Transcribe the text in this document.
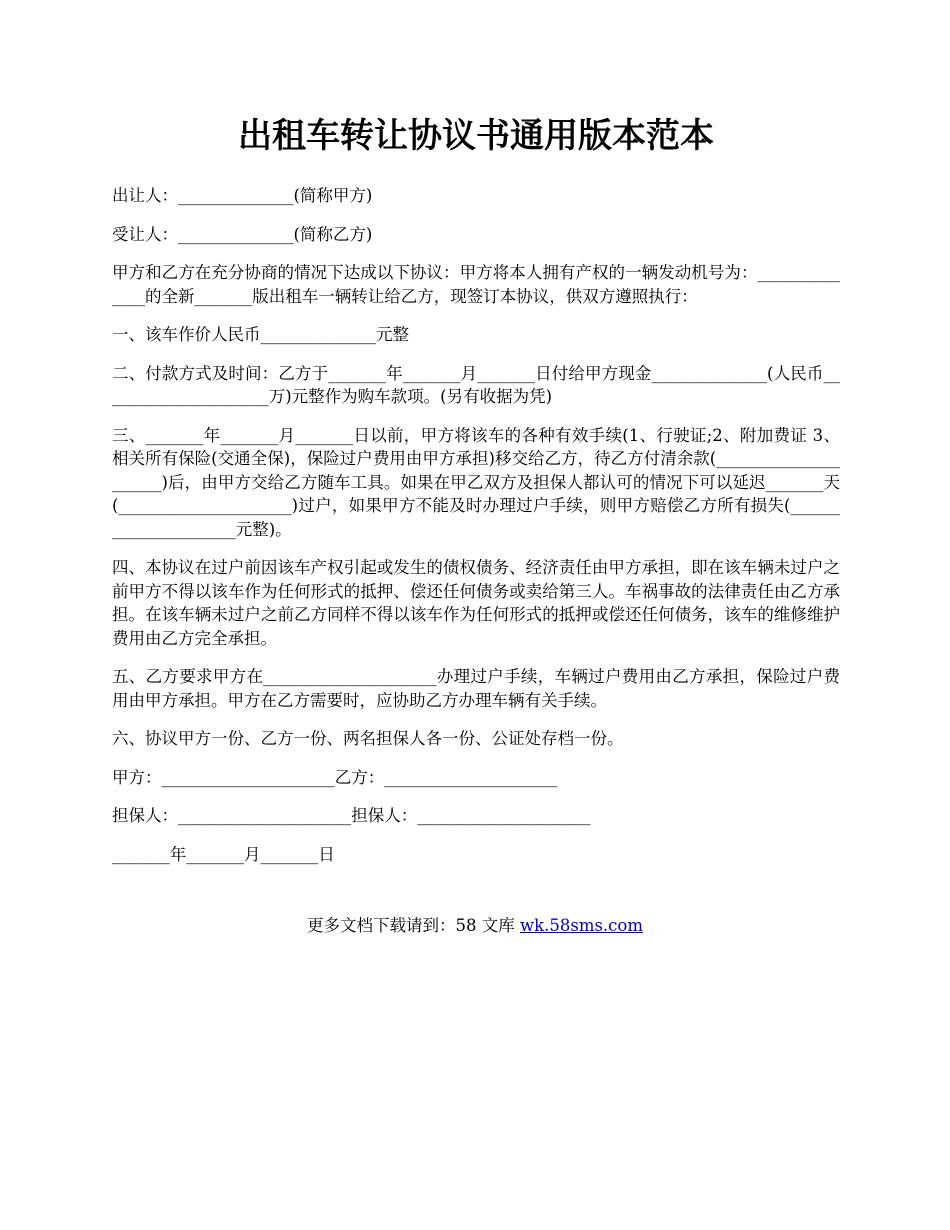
出租车转让协议书通用版本范本

出让人：______________(简称甲方)

受让人：______________(简称乙方)

甲方和乙方在充分协商的情况下达成以下协议：甲方将本人拥有产权的一辆发动机号为：______________的全新_______版出租车一辆转让给乙方，现签订本协议，供双方遵照执行：

一、该车作价人民币______________元整

二、付款方式及时间：乙方于_______年_______月_______日付给甲方现金______________(人民币_____________________万)元整作为购车款项。(另有收据为凭)

三、_______年_______月_______日以前，甲方将该车的各种有效手续(1、行驶证;2、附加费证 3、相关所有保险(交通全保)，保险过户费用由甲方承担)移交给乙方，待乙方付清余款(_____________________)后，由甲方交给乙方随车工具。如果在甲乙双方及担保人都认可的情况下可以延迟_______天(_____________________)过户，如果甲方不能及时办理过户手续，则甲方赔偿乙方所有损失(_____________________元整)。

四、本协议在过户前因该车产权引起或发生的债权债务、经济责任由甲方承担，即在该车辆未过户之前甲方不得以该车作为任何形式的抵押、偿还任何债务或卖给第三人。车祸事故的法律责任由乙方承担。在该车辆未过户之前乙方同样不得以该车作为任何形式的抵押或偿还任何债务，该车的维修维护费用由乙方完全承担。

五、乙方要求甲方在_____________________办理过户手续，车辆过户费用由乙方承担，保险过户费用由甲方承担。甲方在乙方需要时，应协助乙方办理车辆有关手续。

六、协议甲方一份、乙方一份、两名担保人各一份、公证处存档一份。

甲方：_____________________乙方：_____________________

担保人：_____________________担保人：_____________________

_______年_______月_______日

更多文档下载请到：58 文库 wk.58sms.com
